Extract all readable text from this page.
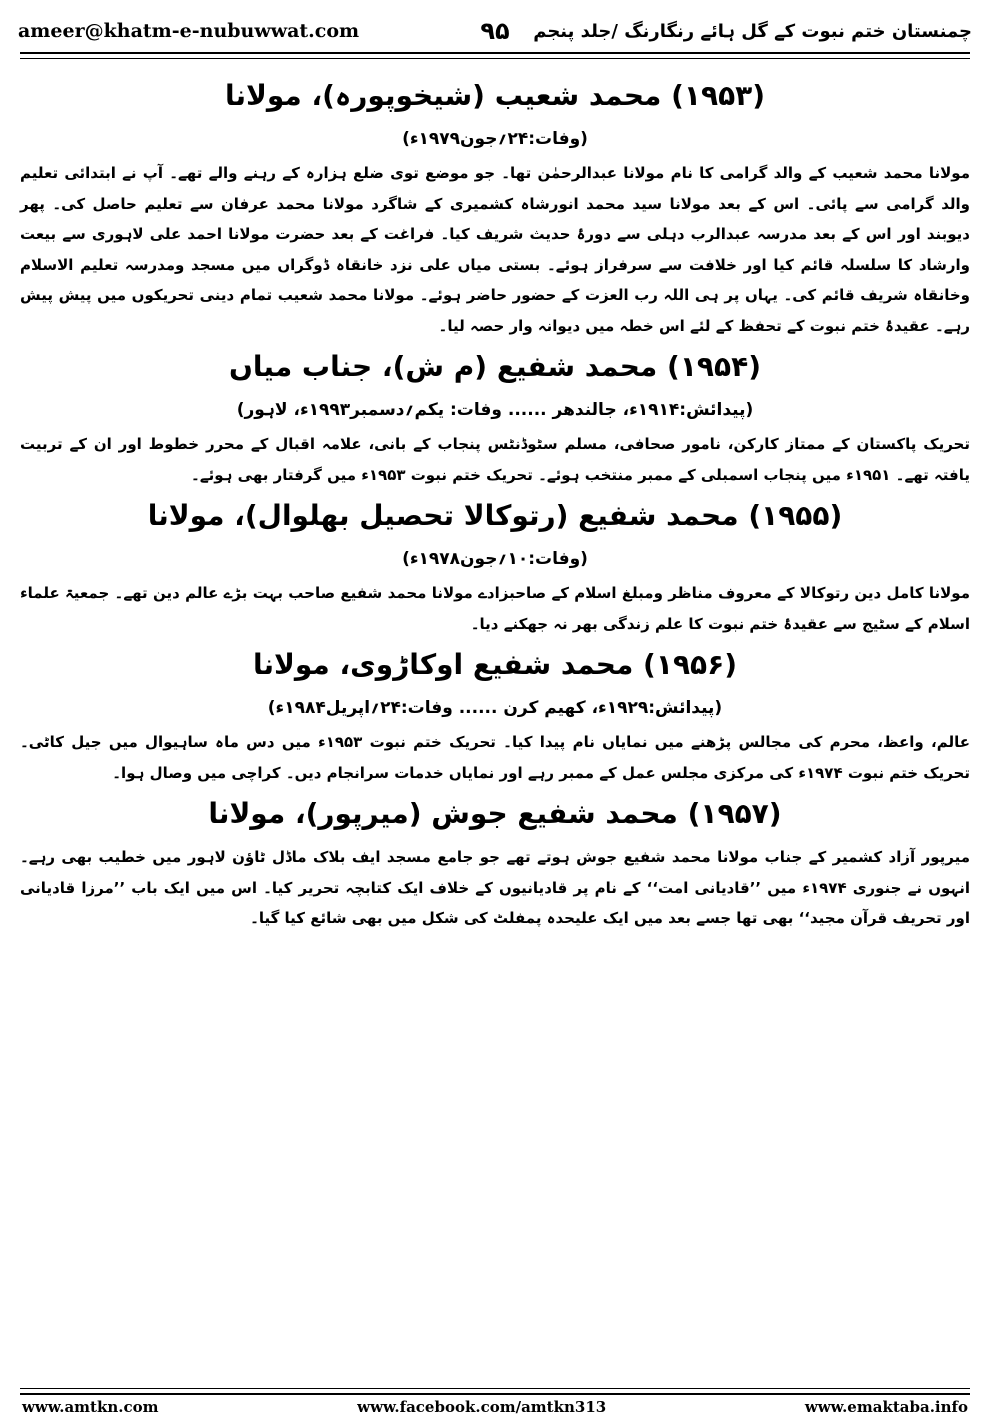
ameer@khatm-e-nubuwwat.com	۹۵ چمنستان ختم نبوت کے گل ہائے رنگارنگ /جلد پنجم
(۱۹۵۳) محمد شعیب (شیخوپورہ)، مولانا
(وفات:۲۴؍جون۱۹۷۹ء)
مولانا محمد شعیب کے والد گرامی کا نام مولانا عبدالرحمٰن تھا۔ جو موضع توی ضلع ہزارہ کے رہنے والے تھے۔ آپ نے ابتدائی تعلیم والد گرامی سے پائی۔ اس کے بعد مولانا سید محمد انورشاہ کشمیری کے شاگرد مولانا محمد عرفان سے تعلیم حاصل کی۔ پھر دیوبند اور اس کے بعد مدرسہ عبدالرب دہلی سے دورۂ حدیث شریف کیا۔ فراغت کے بعد حضرت مولانا احمد علی لاہوری سے بیعت وارشاد کا سلسلہ قائم کیا اور خلافت سے سرفراز ہوئے۔ بستی میاں علی نزد خانقاہ ڈوگراں میں مسجد ومدرسہ تعلیم الاسلام وخانقاہ شریف قائم کی۔ یہاں پر ہی اللہ رب العزت کے حضور حاضر ہوئے۔ مولانا محمد شعیب تمام دینی تحریکوں میں پیش پیش رہے۔ عقیدۂ ختم نبوت کے تحفظ کے لئے اس خطہ میں دیوانہ وار حصہ لیا۔
(۱۹۵۴) محمد شفیع (م ش)، جناب میاں
(پیدائش:۱۹۱۴ء، جالندھر ...... وفات: یکم؍دسمبر۱۹۹۳ء، لاہور)
تحریک پاکستان کے ممتاز کارکن، نامور صحافی، مسلم سٹوڈنٹس پنجاب کے بانی، علامہ اقبال کے محرر خطوط اور ان کے تربیت یافتہ تھے۔ ۱۹۵۱ء میں پنجاب اسمبلی کے ممبر منتخب ہوئے۔ تحریک ختم نبوت ۱۹۵۳ء میں گرفتار بھی ہوئے۔
(۱۹۵۵) محمد شفیع (رتوکالا تحصیل بھلوال)، مولانا
(وفات:۱۰؍جون۱۹۷۸ء)
مولانا کامل دین رتوکالا کے معروف مناظر ومبلغ اسلام کے صاحبزادے مولانا محمد شفیع صاحب بہت بڑے عالم دین تھے۔ جمعیۃ علماء اسلام کے سٹیج سے عقیدۂ ختم نبوت کا علم زندگی بھر نہ جھکنے دیا۔
(۱۹۵۶) محمد شفیع اوکاڑوی، مولانا
(پیدائش:۱۹۲۹ء، کھیم کرن ...... وفات:۲۴؍اپریل۱۹۸۴ء)
عالم، واعظ، محرم کی مجالس پڑھنے میں نمایاں نام پیدا کیا۔ تحریک ختم نبوت ۱۹۵۳ء میں دس ماہ ساہیوال میں جیل کاٹی۔ تحریک ختم نبوت ۱۹۷۴ء کی مرکزی مجلس عمل کے ممبر رہے اور نمایاں خدمات سرانجام دیں۔ کراچی میں وصال ہوا۔
(۱۹۵۷) محمد شفیع جوش (میرپور)، مولانا
میرپور آزاد کشمیر کے جناب مولانا محمد شفیع جوش ہوتے تھے جو جامع مسجد ایف بلاک ماڈل ٹاؤن لاہور میں خطیب بھی رہے۔ انہوں نے جنوری ۱۹۷۴ء میں ’’قادیانی امت‘‘ کے نام پر قادیانیوں کے خلاف ایک کتابچہ تحریر کیا۔ اس میں ایک باب ’’مرزا قادیانی اور تحریف قرآن مجید‘‘ بھی تھا جسے بعد میں ایک علیحدہ پمفلٹ کی شکل میں بھی شائع کیا گیا۔
www.amtkn.com	www.facebook.com/amtkn313	www.emaktaba.info
